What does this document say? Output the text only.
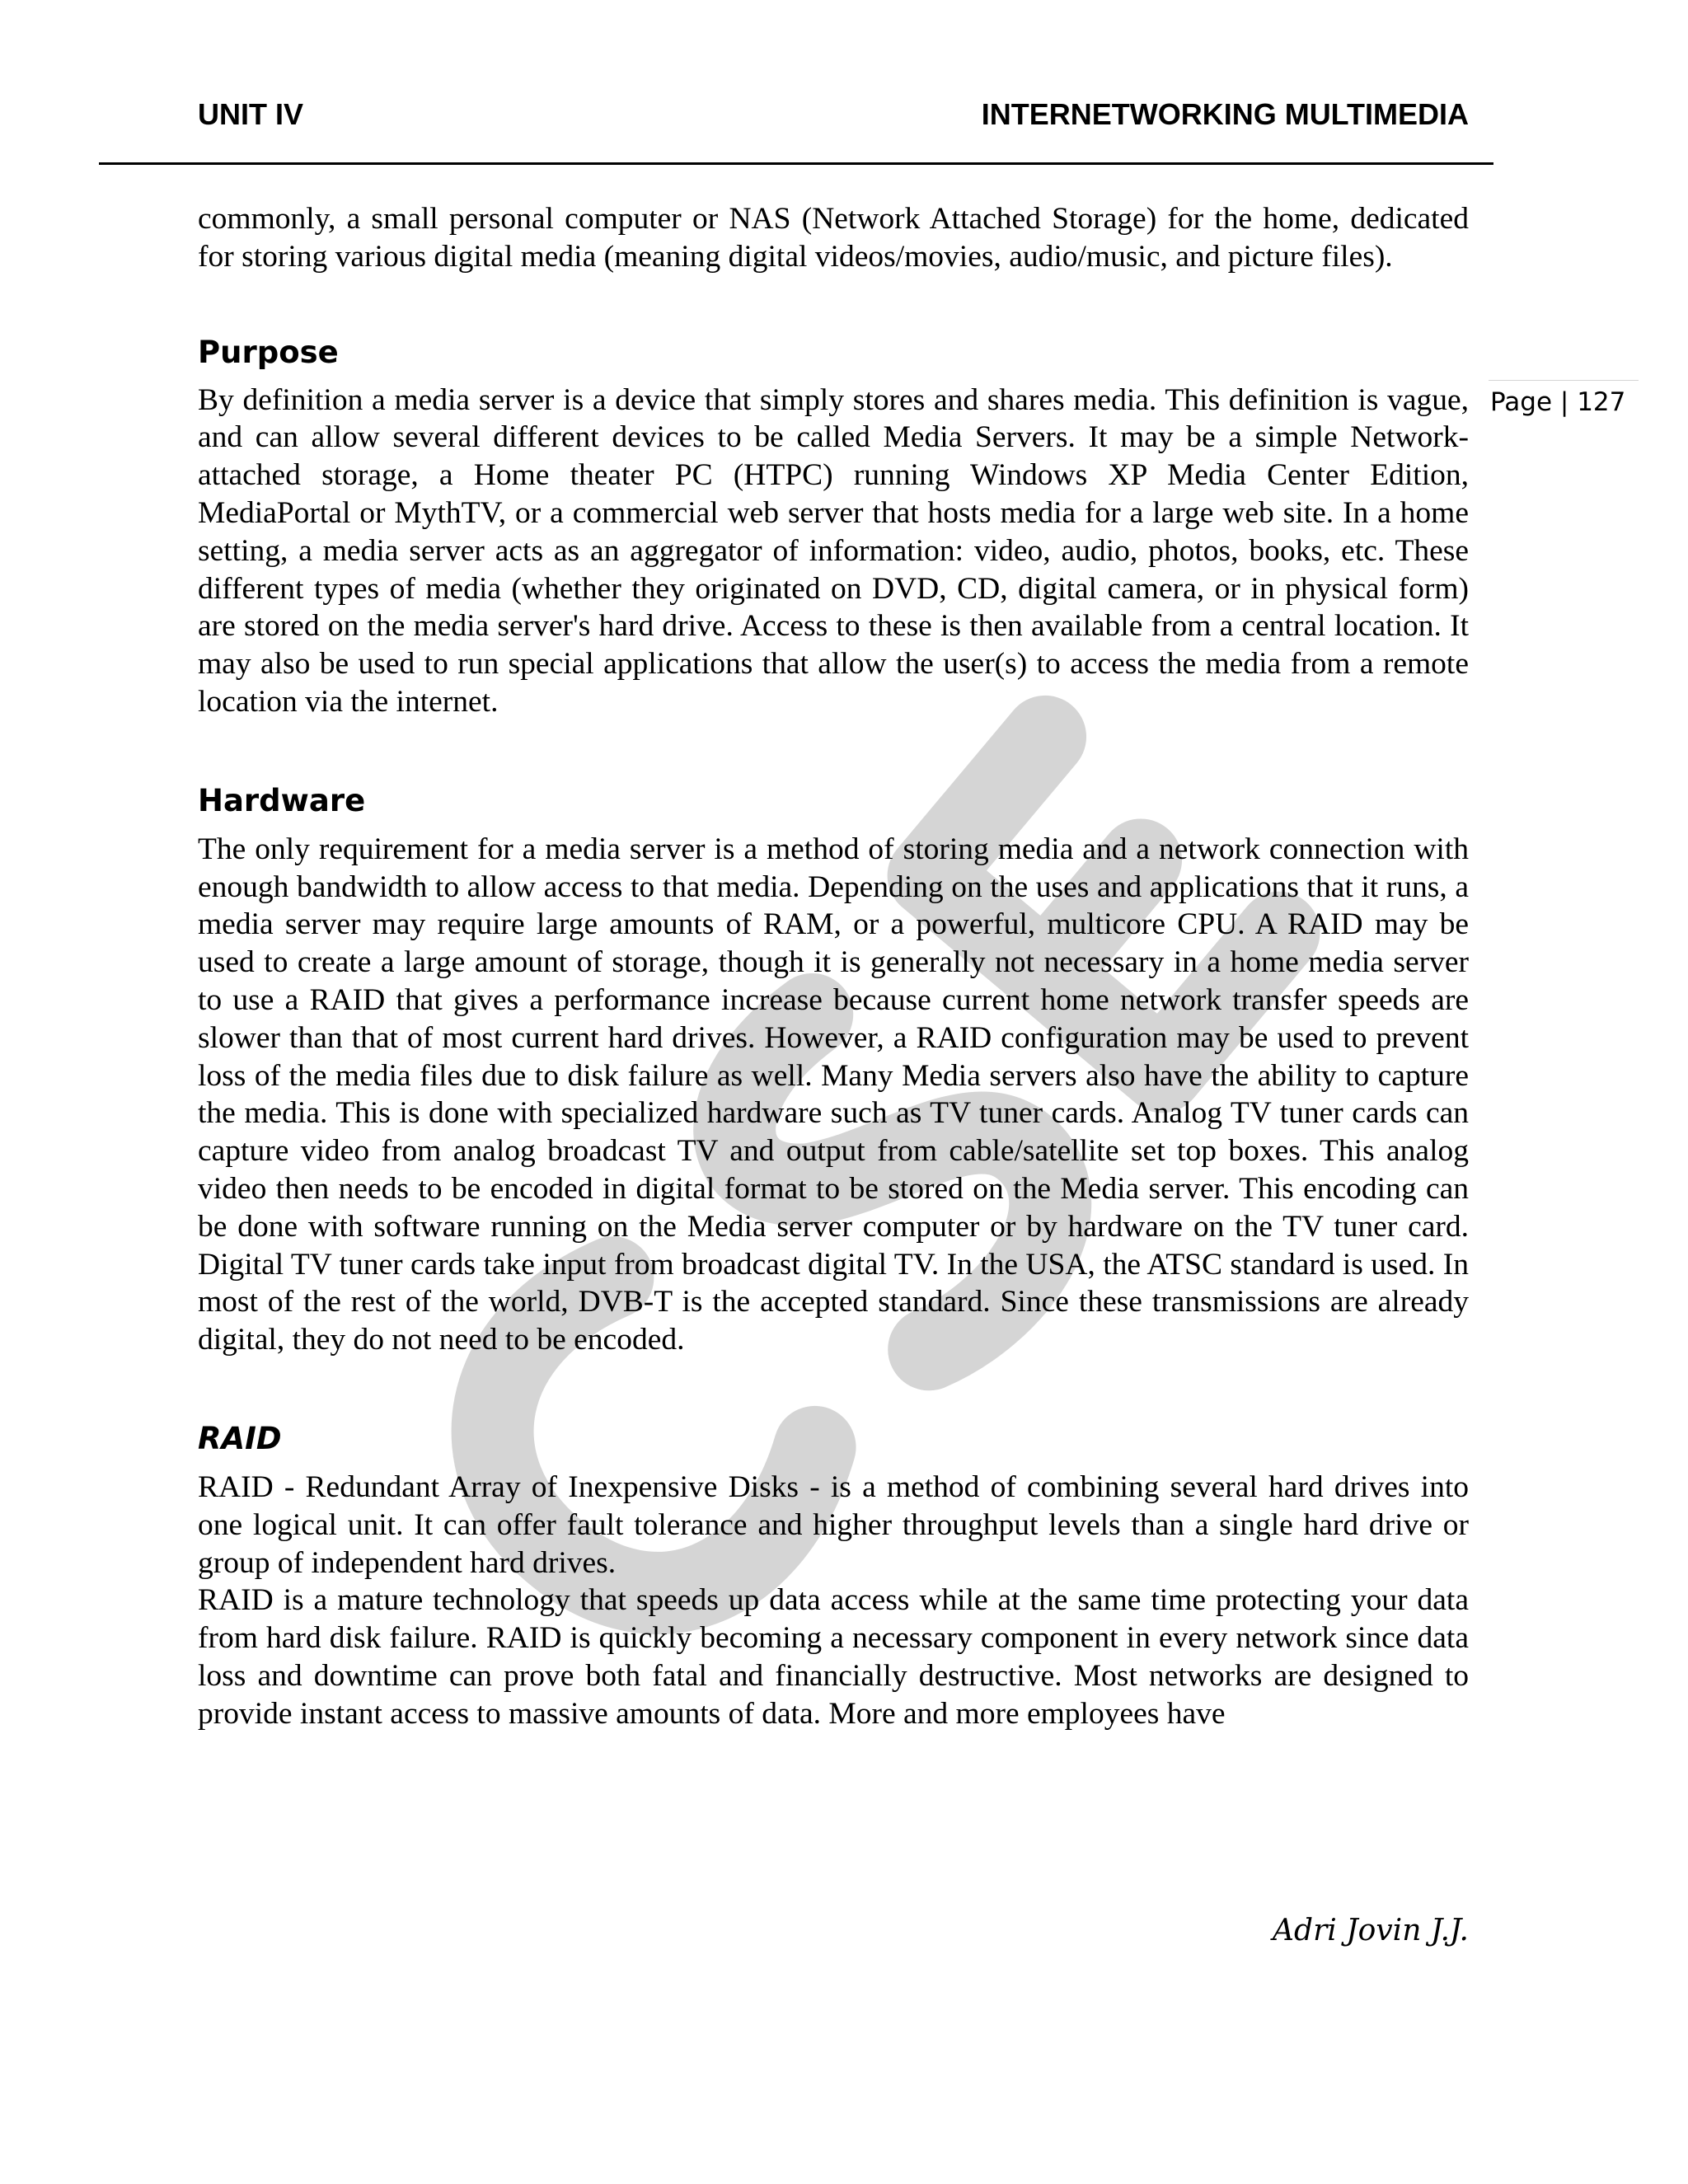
UNIT IV	INTERNETWORKING MULTIMEDIA
Page | 127

commonly, a small personal computer or NAS (Network Attached Storage) for the home, dedicated for storing various digital media (meaning digital videos/movies, audio/music, and picture files).

Purpose

By definition a media server is a device that simply stores and shares media. This definition is vague, and can allow several different devices to be called Media Servers. It may be a simple Network-attached storage, a Home theater PC (HTPC) running Windows XP Media Center Edition, MediaPortal or MythTV, or a commercial web server that hosts media for a large web site. In a home setting, a media server acts as an aggregator of information: video, audio, photos, books, etc. These different types of media (whether they originated on DVD, CD, digital camera, or in physical form) are stored on the media server's hard drive. Access to these is then available from a central location. It may also be used to run special applications that allow the user(s) to access the media from a remote location via the internet.

Hardware

The only requirement for a media server is a method of storing media and a network connection with enough bandwidth to allow access to that media. Depending on the uses and applications that it runs, a media server may require large amounts of RAM, or a powerful, multicore CPU. A RAID may be used to create a large amount of storage, though it is generally not necessary in a home media server to use a RAID that gives a performance increase because current home network transfer speeds are slower than that of most current hard drives. However, a RAID configuration may be used to prevent loss of the media files due to disk failure as well. Many Media servers also have the ability to capture the media. This is done with specialized hardware such as TV tuner cards. Analog TV tuner cards can capture video from analog broadcast TV and output from cable/satellite set top boxes. This analog video then needs to be encoded in digital format to be stored on the Media server. This encoding can be done with software running on the Media server computer or by hardware on the TV tuner card. Digital TV tuner cards take input from broadcast digital TV. In the USA, the ATSC standard is used. In most of the rest of the world, DVB-T is the accepted standard. Since these transmissions are already digital, they do not need to be encoded.

RAID

RAID - Redundant Array of Inexpensive Disks - is a method of combining several hard drives into one logical unit. It can offer fault tolerance and higher throughput levels than a single hard drive or group of independent hard drives.

RAID is a mature technology that speeds up data access while at the same time protecting your data from hard disk failure. RAID is quickly becoming a necessary component in every network since data loss and downtime can prove both fatal and financially destructive. Most networks are designed to provide instant access to massive amounts of data. More and more employees have

Adri Jovin J.J.
